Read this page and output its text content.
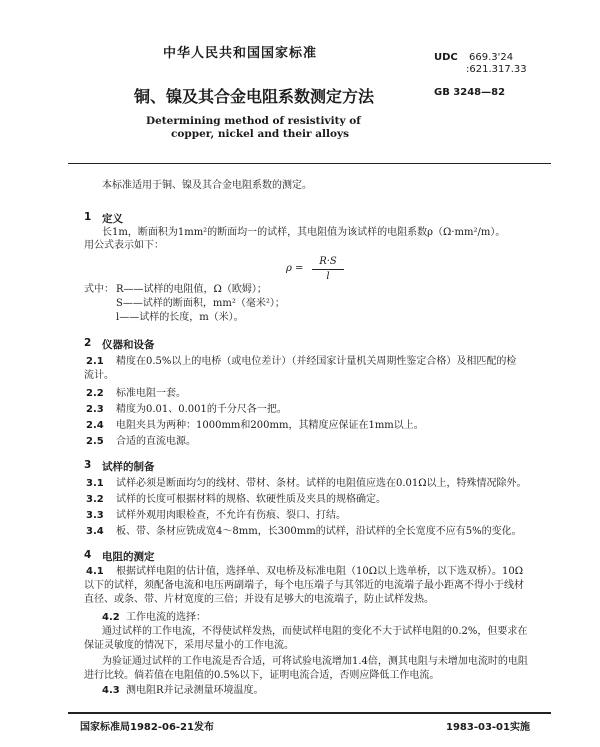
中华人民共和国国家标准	UDC 669.3'24
:621.317.33
铜、镍及其合金电阻系数测定方法	GB 3248—82
Determining method of resistivity of
copper, nickel and their alloys
本标准适用于铜、镍及其合金电阻系数的测定。
1 定义
长1m，断面积为1mm²的断面均一的试样，其电阻值为该试样的电阻系数ρ（Ω·mm²/m）。
用公式表示如下：
ρ =
R·S
l
式中： R——试样的电阻值，Ω（欧姆）；
S——试样的断面积，mm²（毫米²）；
l——试样的长度，m（米）。
2 仪器和设备
2.1 精度在0.5%以上的电桥（或电位差计）（并经国家计量机关周期性鉴定合格）及相匹配的检
流计。
2.2 标准电阻一套。
2.3 精度为0.01、0.001的千分尺各一把。
2.4 电阻夹具为两种：1000mm和200mm，其精度应保证在1mm以上。
2.5 合适的直流电源。
3 试样的制备
3.1 试样必须是断面均匀的线材、带材、条材。试样的电阻值应选在0.01Ω以上，特殊情况除外。
3.2 试样的长度可根据材料的规格、软硬性质及夹具的规格确定。
3.3 试样外观用肉眼检查，不允许有伤痕、裂口、打结。
3.4 板、带、条材应铣成宽4～8mm，长300mm的试样，沿试样的全长宽度不应有5%的变化。
4 电阻的测定
4.1 根据试样电阻的估计值，选择单、双电桥及标准电阻（10Ω以上选单桥，以下选双桥）。10Ω
以下的试样，须配备电流和电压两副端子，每个电压端子与其邻近的电流端子最小距离不得小于线材
直径、或条、带、片材宽度的三倍；并设有足够大的电流端子，防止试样发热。
4.2 工作电流的选择：
通过试样的工作电流，不得使试样发热，而使试样电阻的变化不大于试样电阻的0.2%，但要求在
保证灵敏度的情况下，采用尽量小的工作电流。
为验证通过试样的工作电流是否合适，可将试验电流增加1.4倍，测其电阻与未增加电流时的电阻
进行比较。倘若值在电阻值的0.5%以下，证明电流合适，否则应降低工作电流。
4.3 测电阻R并记录测量环境温度。
国家标准局1982-06-21发布	1983-03-01实施
